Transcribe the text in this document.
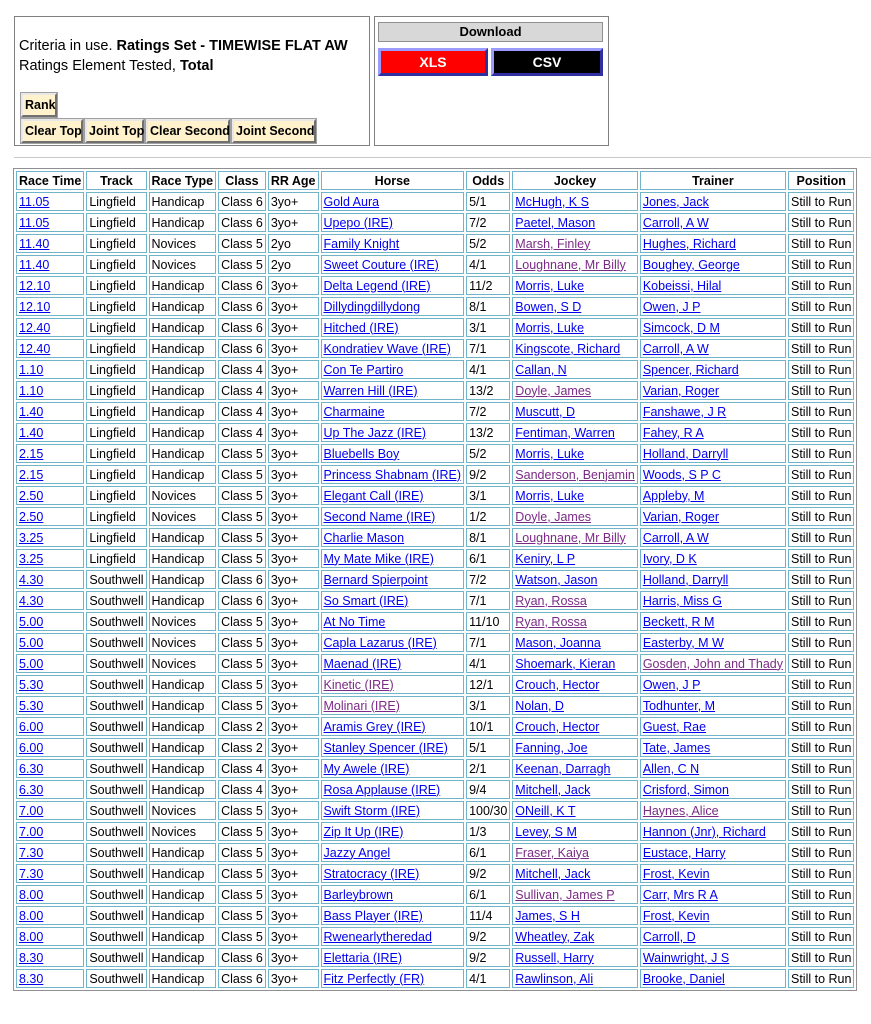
Criteria in use. Ratings Set - TIMEWISE FLAT AW
Ratings Element Tested, Total
Rank
Clear Top Joint Top Clear Second Joint Second
Download
XLS	CSV
Race Time	Track	Race Type	Class	RR Age	Horse	Odds	Jockey	Trainer	Position
11.05	Lingfield	Handicap	Class 6	3yo+	Gold Aura	5/1	McHugh, K S	Jones, Jack	Still to Run
11.05	Lingfield	Handicap	Class 6	3yo+	Upepo (IRE)	7/2	Paetel, Mason	Carroll, A W	Still to Run
11.40	Lingfield	Novices	Class 5	2yo	Family Knight	5/2	Marsh, Finley	Hughes, Richard	Still to Run
11.40	Lingfield	Novices	Class 5	2yo	Sweet Couture (IRE)	4/1	Loughnane, Mr Billy	Boughey, George	Still to Run
12.10	Lingfield	Handicap	Class 6	3yo+	Delta Legend (IRE)	11/2	Morris, Luke	Kobeissi, Hilal	Still to Run
12.10	Lingfield	Handicap	Class 6	3yo+	Dillydingdillydong	8/1	Bowen, S D	Owen, J P	Still to Run
12.40	Lingfield	Handicap	Class 6	3yo+	Hitched (IRE)	3/1	Morris, Luke	Simcock, D M	Still to Run
12.40	Lingfield	Handicap	Class 6	3yo+	Kondratiev Wave (IRE)	7/1	Kingscote, Richard	Carroll, A W	Still to Run
1.10	Lingfield	Handicap	Class 4	3yo+	Con Te Partiro	4/1	Callan, N	Spencer, Richard	Still to Run
1.10	Lingfield	Handicap	Class 4	3yo+	Warren Hill (IRE)	13/2	Doyle, James	Varian, Roger	Still to Run
1.40	Lingfield	Handicap	Class 4	3yo+	Charmaine	7/2	Muscutt, D	Fanshawe, J R	Still to Run
1.40	Lingfield	Handicap	Class 4	3yo+	Up The Jazz (IRE)	13/2	Fentiman, Warren	Fahey, R A	Still to Run
2.15	Lingfield	Handicap	Class 5	3yo+	Bluebells Boy	5/2	Morris, Luke	Holland, Darryll	Still to Run
2.15	Lingfield	Handicap	Class 5	3yo+	Princess Shabnam (IRE)	9/2	Sanderson, Benjamin	Woods, S P C	Still to Run
2.50	Lingfield	Novices	Class 5	3yo+	Elegant Call (IRE)	3/1	Morris, Luke	Appleby, M	Still to Run
2.50	Lingfield	Novices	Class 5	3yo+	Second Name (IRE)	1/2	Doyle, James	Varian, Roger	Still to Run
3.25	Lingfield	Handicap	Class 5	3yo+	Charlie Mason	8/1	Loughnane, Mr Billy	Carroll, A W	Still to Run
3.25	Lingfield	Handicap	Class 5	3yo+	My Mate Mike (IRE)	6/1	Keniry, L P	Ivory, D K	Still to Run
4.30	Southwell	Handicap	Class 6	3yo+	Bernard Spierpoint	7/2	Watson, Jason	Holland, Darryll	Still to Run
4.30	Southwell	Handicap	Class 6	3yo+	So Smart (IRE)	7/1	Ryan, Rossa	Harris, Miss G	Still to Run
5.00	Southwell	Novices	Class 5	3yo+	At No Time	11/10	Ryan, Rossa	Beckett, R M	Still to Run
5.00	Southwell	Novices	Class 5	3yo+	Capla Lazarus (IRE)	7/1	Mason, Joanna	Easterby, M W	Still to Run
5.00	Southwell	Novices	Class 5	3yo+	Maenad (IRE)	4/1	Shoemark, Kieran	Gosden, John and Thady	Still to Run
5.30	Southwell	Handicap	Class 5	3yo+	Kinetic (IRE)	12/1	Crouch, Hector	Owen, J P	Still to Run
5.30	Southwell	Handicap	Class 5	3yo+	Molinari (IRE)	3/1	Nolan, D	Todhunter, M	Still to Run
6.00	Southwell	Handicap	Class 2	3yo+	Aramis Grey (IRE)	10/1	Crouch, Hector	Guest, Rae	Still to Run
6.00	Southwell	Handicap	Class 2	3yo+	Stanley Spencer (IRE)	5/1	Fanning, Joe	Tate, James	Still to Run
6.30	Southwell	Handicap	Class 4	3yo+	My Awele (IRE)	2/1	Keenan, Darragh	Allen, C N	Still to Run
6.30	Southwell	Handicap	Class 4	3yo+	Rosa Applause (IRE)	9/4	Mitchell, Jack	Crisford, Simon	Still to Run
7.00	Southwell	Novices	Class 5	3yo+	Swift Storm (IRE)	100/30	ONeill, K T	Haynes, Alice	Still to Run
7.00	Southwell	Novices	Class 5	3yo+	Zip It Up (IRE)	1/3	Levey, S M	Hannon (Jnr), Richard	Still to Run
7.30	Southwell	Handicap	Class 5	3yo+	Jazzy Angel	6/1	Fraser, Kaiya	Eustace, Harry	Still to Run
7.30	Southwell	Handicap	Class 5	3yo+	Stratocracy (IRE)	9/2	Mitchell, Jack	Frost, Kevin	Still to Run
8.00	Southwell	Handicap	Class 5	3yo+	Barleybrown	6/1	Sullivan, James P	Carr, Mrs R A	Still to Run
8.00	Southwell	Handicap	Class 5	3yo+	Bass Player (IRE)	11/4	James, S H	Frost, Kevin	Still to Run
8.00	Southwell	Handicap	Class 5	3yo+	Rwenearlytheredad	9/2	Wheatley, Zak	Carroll, D	Still to Run
8.30	Southwell	Handicap	Class 6	3yo+	Elettaria (IRE)	9/2	Russell, Harry	Wainwright, J S	Still to Run
8.30	Southwell	Handicap	Class 6	3yo+	Fitz Perfectly (FR)	4/1	Rawlinson, Ali	Brooke, Daniel	Still to Run
